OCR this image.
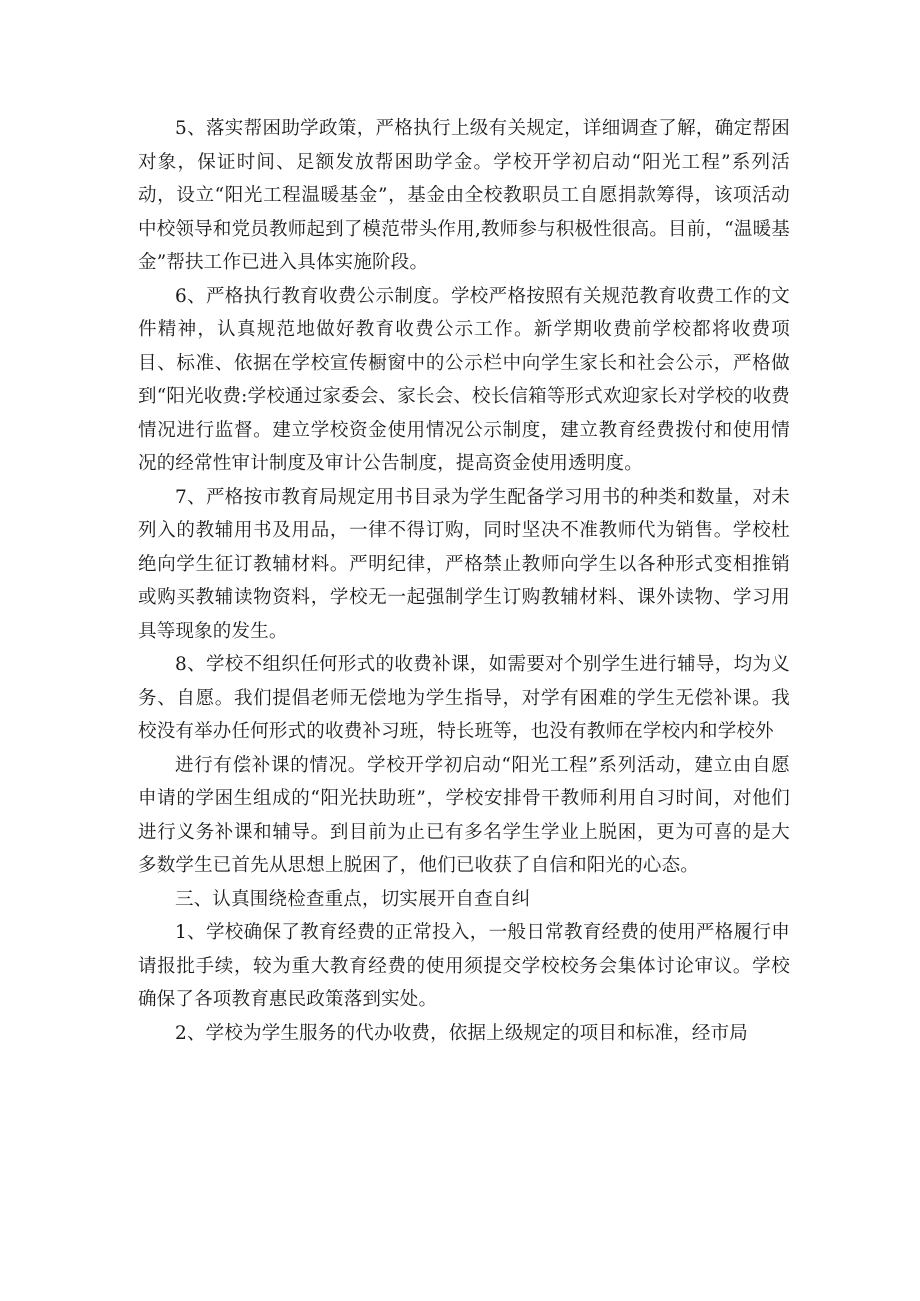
5、落实帮困助学政策，严格执行上级有关规定，详细调查了解，确定帮困对象，保证时间、足额发放帮困助学金。学校开学初启动“阳光工程”系列活动，设立“阳光工程温暖基金”，基金由全校教职员工自愿捐款筹得，该项活动中校领导和党员教师起到了模范带头作用,教师参与积极性很高。目前，“温暖基金”帮扶工作已进入具体实施阶段。

6、严格执行教育收费公示制度。学校严格按照有关规范教育收费工作的文件精神，认真规范地做好教育收费公示工作。新学期收费前学校都将收费项目、标准、依据在学校宣传橱窗中的公示栏中向学生家长和社会公示，严格做到“阳光收费:学校通过家委会、家长会、校长信箱等形式欢迎家长对学校的收费情况进行监督。建立学校资金使用情况公示制度，建立教育经费拨付和使用情况的经常性审计制度及审计公告制度，提高资金使用透明度。

7、严格按市教育局规定用书目录为学生配备学习用书的种类和数量，对未列入的教辅用书及用品，一律不得订购，同时坚决不准教师代为销售。学校杜绝向学生征订教辅材料。严明纪律，严格禁止教师向学生以各种形式变相推销或购买教辅读物资料，学校无一起强制学生订购教辅材料、课外读物、学习用具等现象的发生。

8、学校不组织任何形式的收费补课，如需要对个别学生进行辅导，均为义务、自愿。我们提倡老师无偿地为学生指导，对学有困难的学生无偿补课。我校没有举办任何形式的收费补习班，特长班等，也没有教师在学校内和学校外

进行有偿补课的情况。学校开学初启动“阳光工程”系列活动，建立由自愿申请的学困生组成的“阳光扶助班”，学校安排骨干教师利用自习时间，对他们进行义务补课和辅导。到目前为止已有多名学生学业上脱困，更为可喜的是大多数学生已首先从思想上脱困了，他们已收获了自信和阳光的心态。

三、认真围绕检查重点，切实展开自查自纠

1、学校确保了教育经费的正常投入，一般日常教育经费的使用严格履行申请报批手续，较为重大教育经费的使用须提交学校校务会集体讨论审议。学校确保了各项教育惠民政策落到实处。

2、学校为学生服务的代办收费，依据上级规定的项目和标准，经市局
